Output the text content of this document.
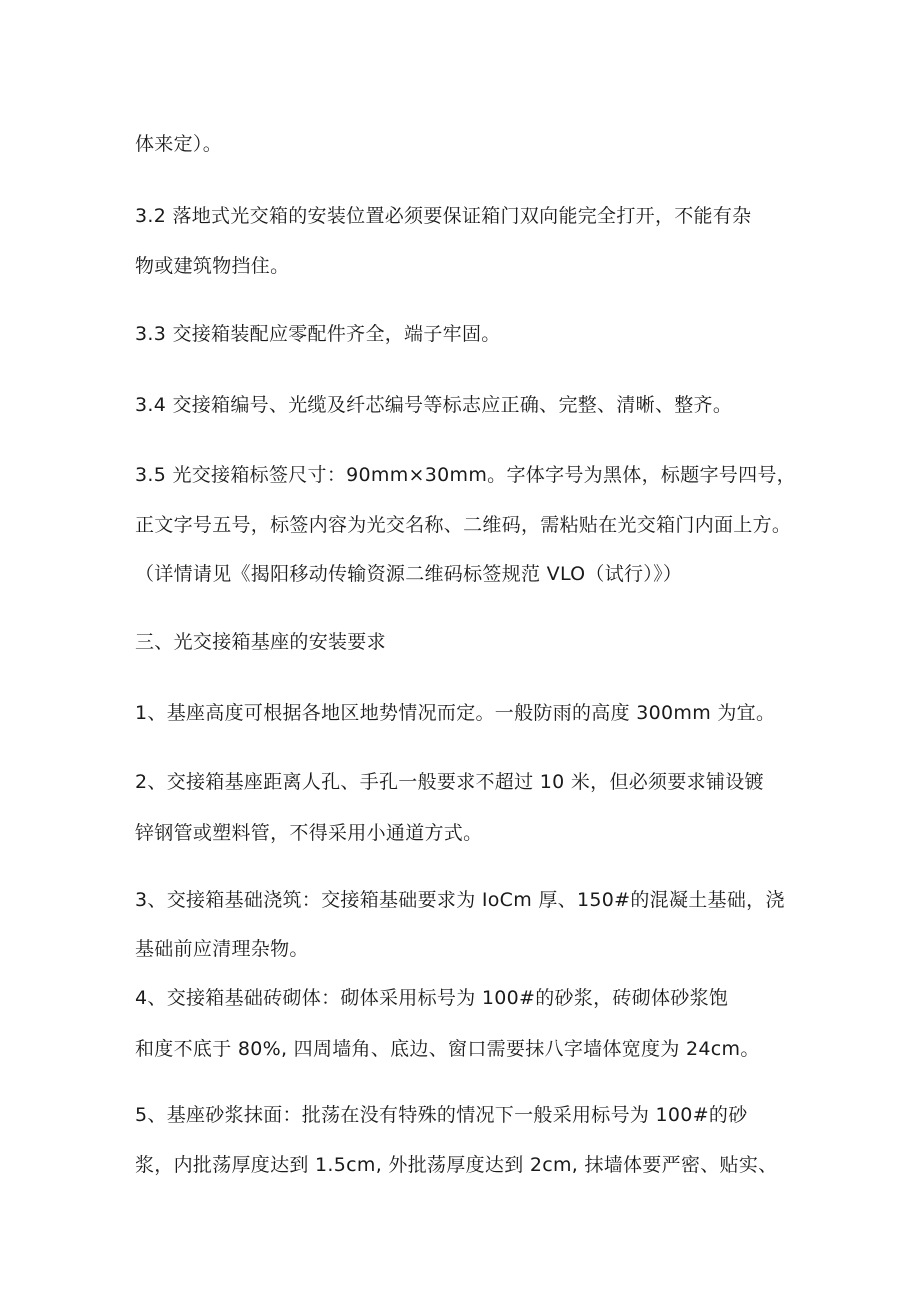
体来定）。
3.2 落地式光交箱的安装位置必须要保证箱门双向能完全打开，不能有杂
物或建筑物挡住。
3.3 交接箱装配应零配件齐全，端子牢固。
3.4 交接箱编号、光缆及纤芯编号等标志应正确、完整、清晰、整齐。
3.5 光交接箱标签尺寸：90mm×30mm。字体字号为黑体，标题字号四号，
正文字号五号，标签内容为光交名称、二维码，需粘贴在光交箱门内面上方。
（详情请见《揭阳移动传输资源二维码标签规范 VLO（试行）》）
三、光交接箱基座的安装要求
1、基座高度可根据各地区地势情况而定。一般防雨的高度 300mm 为宜。
2、交接箱基座距离人孔、手孔一般要求不超过 10 米，但必须要求铺设镀
锌钢管或塑料管，不得采用小通道方式。
3、交接箱基础浇筑：交接箱基础要求为 IoCm 厚、150#的混凝土基础，浇
基础前应清理杂物。
4、交接箱基础砖砌体：砌体采用标号为 100#的砂浆，砖砌体砂浆饱
和度不底于 80%, 四周墙角、底边、窗口需要抹八字墙体宽度为 24cm。
5、基座砂浆抹面：批荡在没有特殊的情况下一般采用标号为 100#的砂
浆，内批荡厚度达到 1.5cm, 外批荡厚度达到 2cm, 抹墙体要严密、贴实、
